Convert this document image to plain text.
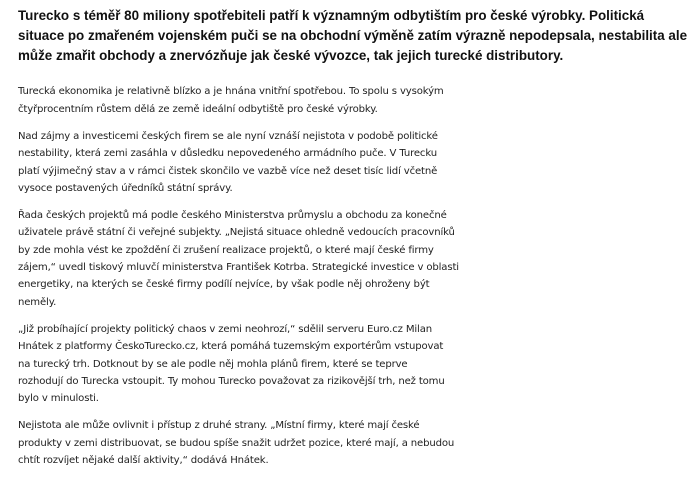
Turecko s téměř 80 miliony spotřebiteli patří k významným odbytištím pro české výrobky. Politická
situace po zmařeném vojenském puči se na obchodní výměně zatím výrazně nepodepsala, nestabilita ale
může zmařit obchody a znervózňuje jak české vývozce, tak jejich turecké distributory.
Turecká ekonomika je relativně blízko a je hnána vnitřní spotřebou. To spolu s vysokým
čtyřprocentním růstem dělá ze země ideální odbytiště pro české výrobky.
Nad zájmy a investicemi českých firem se ale nyní vznáší nejistota v podobě politické
nestability, která zemi zasáhla v důsledku nepovedeného armádního puče. V Turecku
platí výjimečný stav a v rámci čistek skončilo ve vazbě více než deset tisíc lidí včetně
vysoce postavených úředníků státní správy.
Řada českých projektů má podle českého Ministerstva průmyslu a obchodu za konečné
uživatele právě státní či veřejné subjekty. „Nejistá situace ohledně vedoucích pracovníků
by zde mohla vést ke zpoždění či zrušení realizace projektů, o které mají české firmy
zájem,“ uvedl tiskový mluvčí ministerstva František Kotrba. Strategické investice v oblasti
energetiky, na kterých se české firmy podílí nejvíce, by však podle něj ohroženy být
neměly.
„Již probíhající projekty politický chaos v zemi neohrozí,“ sdělil serveru Euro.cz Milan
Hnátek z platformy ČeskoTurecko.cz, která pomáhá tuzemským exportérům vstupovat
na turecký trh. Dotknout by se ale podle něj mohla plánů firem, které se teprve
rozhodují do Turecka vstoupit. Ty mohou Turecko považovat za rizikovější trh, než tomu
bylo v minulosti.
Nejistota ale může ovlivnit i přístup z druhé strany. „Místní firmy, které mají české
produkty v zemi distribuovat, se budou spíše snažit udržet pozice, které mají, a nebudou
chtít rozvíjet nějaké další aktivity,“ dodává Hnátek.
